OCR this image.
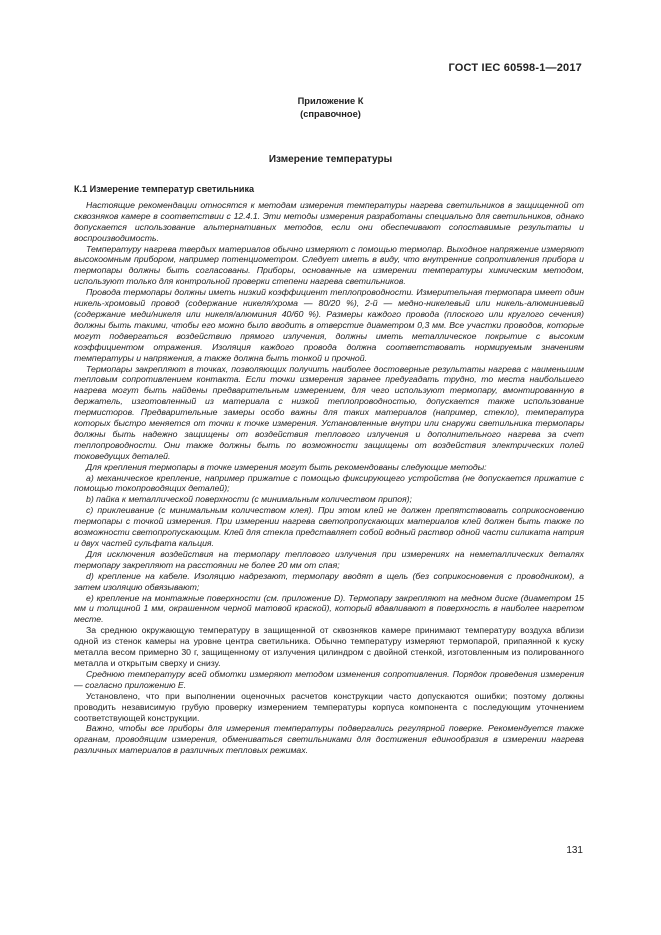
ГОСТ IEC 60598-1—2017
Приложение К
(справочное)
Измерение температуры
К.1 Измерение температур светильника

Настоящие рекомендации относятся к методам измерения температуры нагрева светильников в защищенной от сквозняков камере в соответствии с 12.4.1. Эти методы измерения разработаны специально для светильников, однако допускается использование альтернативных методов, если они обеспечивают сопоставимые результаты и воспроизводимость.

Температуру нагрева твердых материалов обычно измеряют с помощью термопар. Выходное напряжение измеряют высокоомным прибором, например потенциометром. Следует иметь в виду, что внутренние сопротивления прибора и термопары должны быть согласованы. Приборы, основанные на измерении температуры химическим методом, используют только для контрольной проверки степени нагрева светильников.

Провода термопары должны иметь низкий коэффициент теплопроводности. Измерительная термопара имеет один никель-хромовый провод (содержание никеля/хрома — 80/20 %), 2-й — медно-никелевый или никель-алюминиевый (содержание меди/никеля или никеля/алюминия 40/60 %). Размеры каждого провода (плоского или круглого сечения) должны быть такими, чтобы его можно было вводить в отверстие диаметром 0,3 мм. Все участки проводов, которые могут подвергаться воздействию прямого излучения, должны иметь металлическое покрытие с высоким коэффициентом отражения. Изоляция каждого провода должна соответствовать нормируемым значениям температуры и напряжения, а также должна быть тонкой и прочной.

Термопары закрепляют в точках, позволяющих получить наиболее достоверные результаты нагрева с наименьшим тепловым сопротивлением контакта. Если точки измерения заранее предугадать трудно, то места наибольшего нагрева могут быть найдены предварительным измерением, для чего используют термопару, вмонтированную в держатель, изготовленный из материала с низкой теплопроводностью, допускается также использование термисторов. Предварительные замеры особо важны для таких материалов (например, стекло), температура которых быстро меняется от точки к точке измерения. Установленные внутри или снаружи светильника термопары должны быть надежно защищены от воздействия теплового излучения и дополнительного нагрева за счет теплопроводности. Они также должны быть по возможности защищены от воздействия электрических полей токоведущих деталей.

Для крепления термопары в точке измерения могут быть рекомендованы следующие методы:

а) механическое крепление, например прижатие с помощью фиксирующего устройства (не допускается прижатие с помощью токопроводящих деталей);

b) пайка к металлической поверхности (с минимальным количеством припоя);

c) приклеивание (с минимальным количеством клея). При этом клей не должен препятствовать соприкосновению термопары с точкой измерения. При измерении нагрева светопропускающих материалов клей должен быть также по возможности светопропускающим. Клей для стекла представляет собой водный раствор одной части силиката натрия и двух частей сульфата кальция.

Для исключения воздействия на термопару теплового излучения при измерениях на неметаллических деталях термопару закрепляют на расстоянии не более 20 мм от спая;

d) крепление на кабеле. Изоляцию надрезают, термопару вводят в щель (без соприкосновения с проводником), а затем изоляцию обвязывают;

e) крепление на монтажные поверхности (см. приложение D). Термопару закрепляют на медном диске (диаметром 15 мм и толщиной 1 мм, окрашенном черной матовой краской), который вдавливают в поверхность в наиболее нагретом месте.

За среднюю окружающую температуру в защищенной от сквозняков камере принимают температуру воздуха вблизи одной из стенок камеры на уровне центра светильника. Обычно температуру измеряют термопарой, припаянной к куску металла весом примерно 30 г, защищенному от излучения цилиндром с двойной стенкой, изготовленным из полированного металла и открытым сверху и снизу.

Среднюю температуру всей обмотки измеряют методом изменения сопротивления. Порядок проведения измерения — согласно приложению Е.

Установлено, что при выполнении оценочных расчетов конструкции часто допускаются ошибки; поэтому должны проводить независимую грубую проверку измерением температуры корпуса компонента с последующим уточнением соответствующей конструкции.

Важно, чтобы все приборы для измерения температуры подвергались регулярной поверке. Рекомендуется также органам, проводящим измерения, обмениваться светильниками для достижения единообразия в измерении нагрева различных материалов в различных тепловых режимах.

131
